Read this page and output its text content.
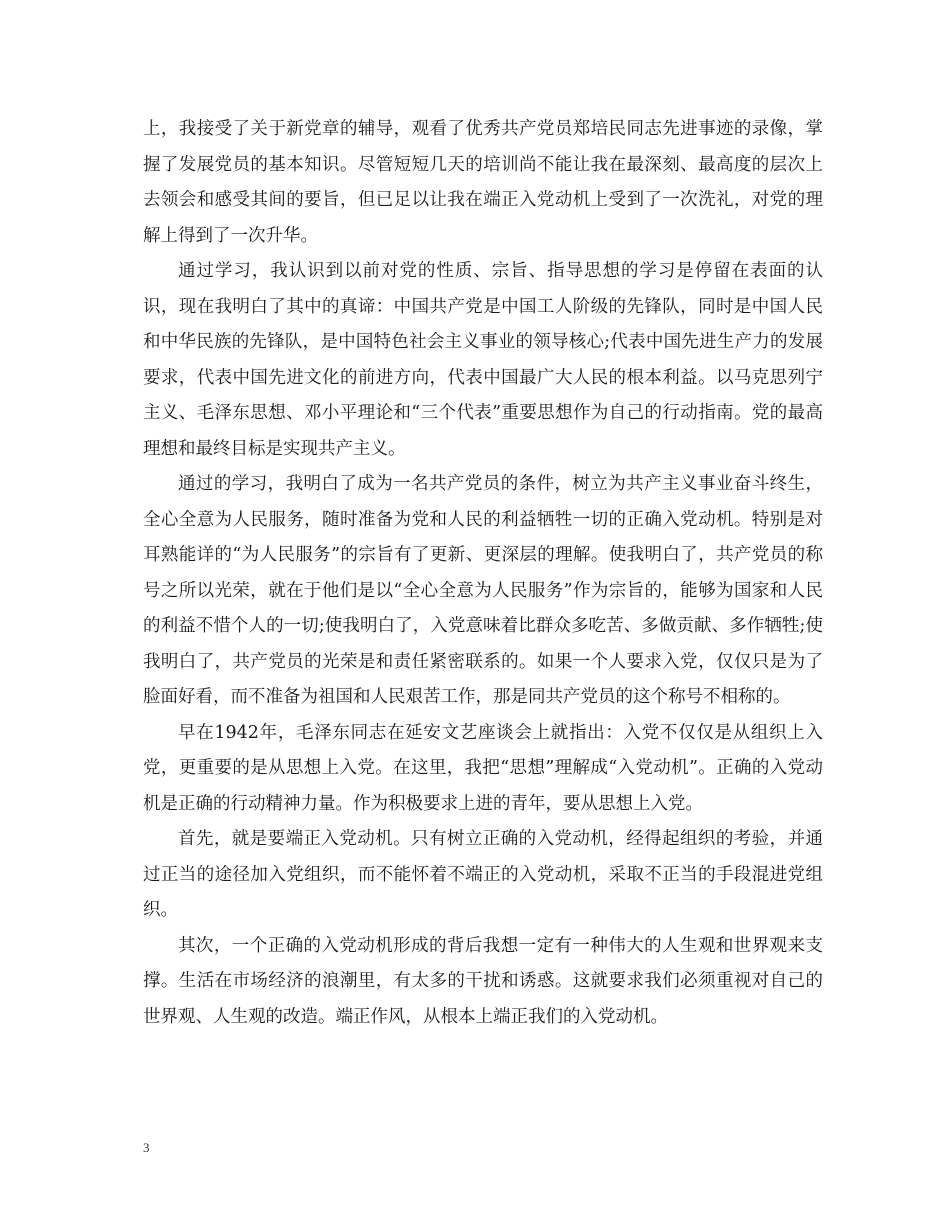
上，我接受了关于新党章的辅导，观看了优秀共产党员郑培民同志先进事迹的录像，掌握了发展党员的基本知识。尽管短短几天的培训尚不能让我在最深刻、最高度的层次上去领会和感受其间的要旨，但已足以让我在端正入党动机上受到了一次洗礼，对党的理解上得到了一次升华。

通过学习，我认识到以前对党的性质、宗旨、指导思想的学习是停留在表面的认识，现在我明白了其中的真谛：中国共产党是中国工人阶级的先锋队，同时是中国人民和中华民族的先锋队，是中国特色社会主义事业的领导核心;代表中国先进生产力的发展要求，代表中国先进文化的前进方向，代表中国最广大人民的根本利益。以马克思列宁主义、毛泽东思想、邓小平理论和“三个代表”重要思想作为自己的行动指南。党的最高理想和最终目标是实现共产主义。

通过的学习，我明白了成为一名共产党员的条件，树立为共产主义事业奋斗终生，全心全意为人民服务，随时准备为党和人民的利益牺牲一切的正确入党动机。特别是对耳熟能详的“为人民服务”的宗旨有了更新、更深层的理解。使我明白了，共产党员的称号之所以光荣，就在于他们是以“全心全意为人民服务”作为宗旨的，能够为国家和人民的利益不惜个人的一切;使我明白了，入党意味着比群众多吃苦、多做贡献、多作牺牲;使我明白了，共产党员的光荣是和责任紧密联系的。如果一个人要求入党，仅仅只是为了脸面好看，而不准备为祖国和人民艰苦工作，那是同共产党员的这个称号不相称的。

早在1942年，毛泽东同志在延安文艺座谈会上就指出：入党不仅仅是从组织上入党，更重要的是从思想上入党。在这里，我把“思想”理解成“入党动机”。正确的入党动机是正确的行动精神力量。作为积极要求上进的青年，要从思想上入党。

首先，就是要端正入党动机。只有树立正确的入党动机，经得起组织的考验，并通过正当的途径加入党组织，而不能怀着不端正的入党动机，采取不正当的手段混进党组织。

其次，一个正确的入党动机形成的背后我想一定有一种伟大的人生观和世界观来支撑。生活在市场经济的浪潮里，有太多的干扰和诱惑。这就要求我们必须重视对自己的世界观、人生观的改造。端正作风，从根本上端正我们的入党动机。

3
